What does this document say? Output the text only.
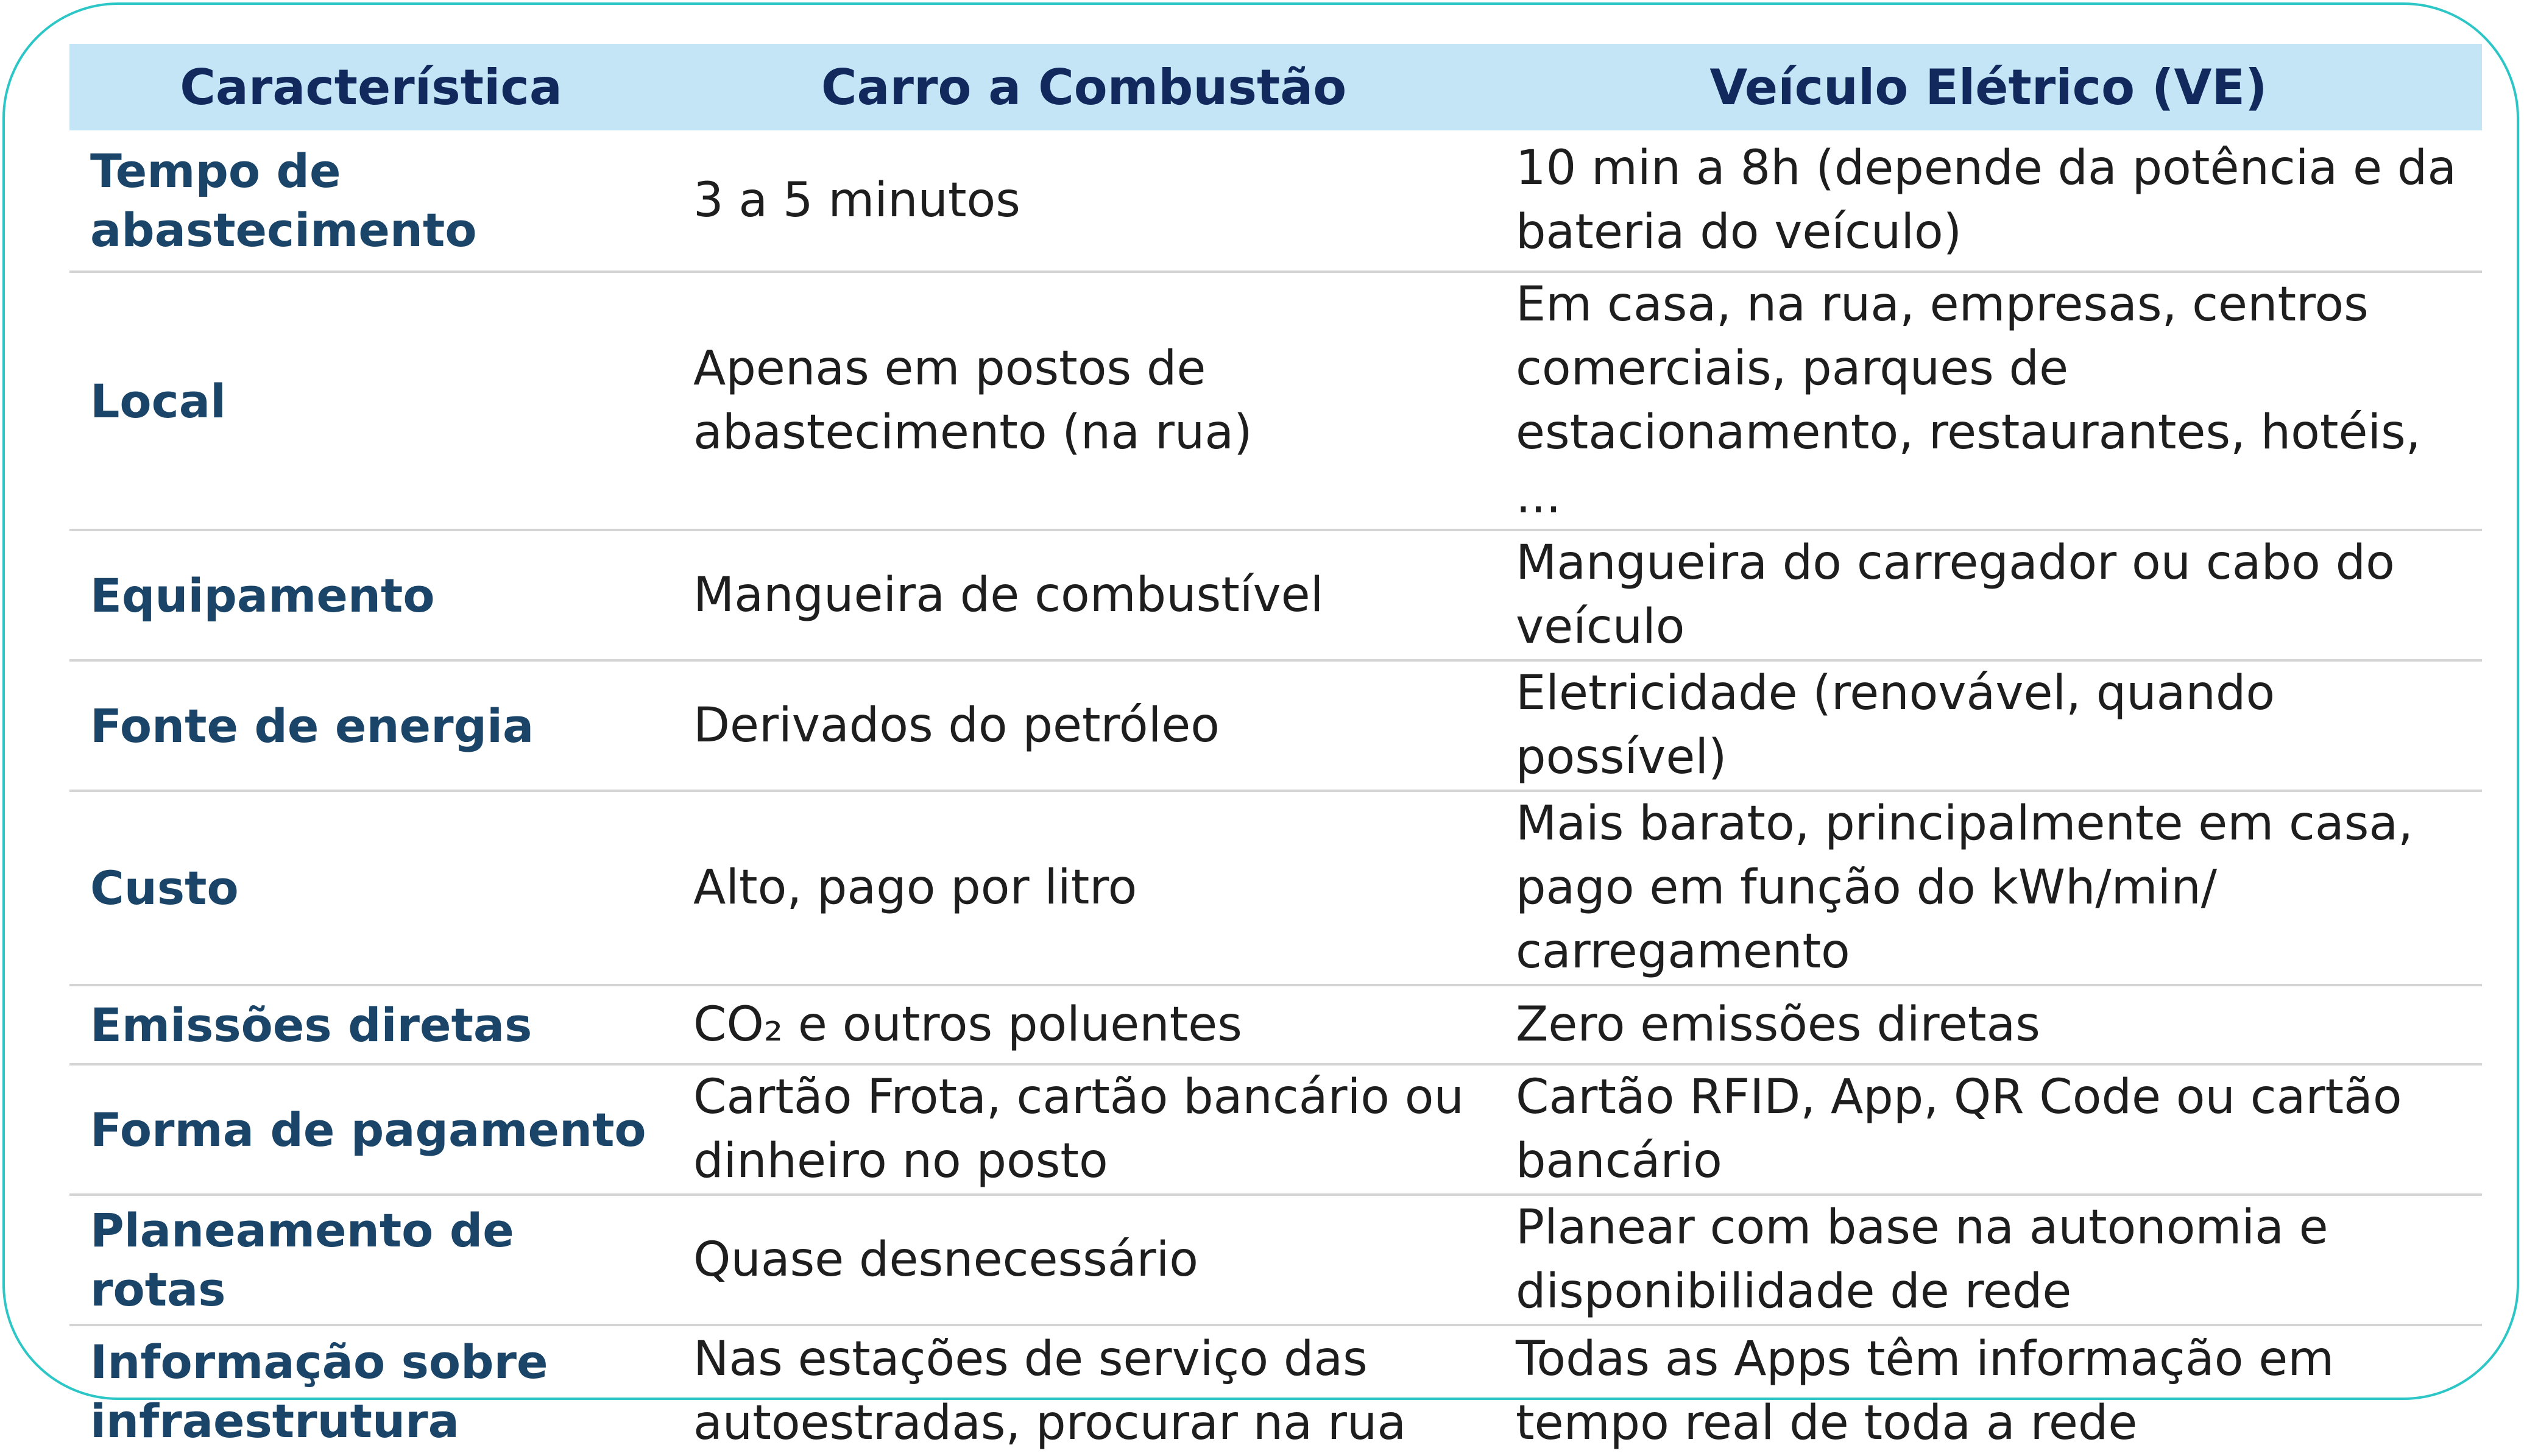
Característica	Carro a Combustão	Veículo Elétrico (VE)
Tempo de abastecimento	3 a 5 minutos	10 min a 8h (depende da potência e da bateria do veículo)
Local	Apenas em postos de abastecimento (na rua)	Em casa, na rua, empresas, centros comerciais, parques de estacionamento, restaurantes, hotéis, ...
Equipamento	Mangueira de combustível	Mangueira do carregador ou cabo do veículo
Fonte de energia	Derivados do petróleo	Eletricidade (renovável, quando possível)
Custo	Alto, pago por litro	Mais barato, principalmente em casa, pago em função do kWh/min/ carregamento
Emissões diretas	CO₂ e outros poluentes	Zero emissões diretas
Forma de pagamento	Cartão Frota, cartão bancário ou dinheiro no posto	Cartão RFID, App, QR Code ou cartão bancário
Planeamento de rotas	Quase desnecessário	Planear com base na autonomia e disponibilidade de rede
Informação sobre infraestrutura	Nas estações de serviço das autoestradas, procurar na rua	Todas as Apps têm informação em tempo real de toda a rede
